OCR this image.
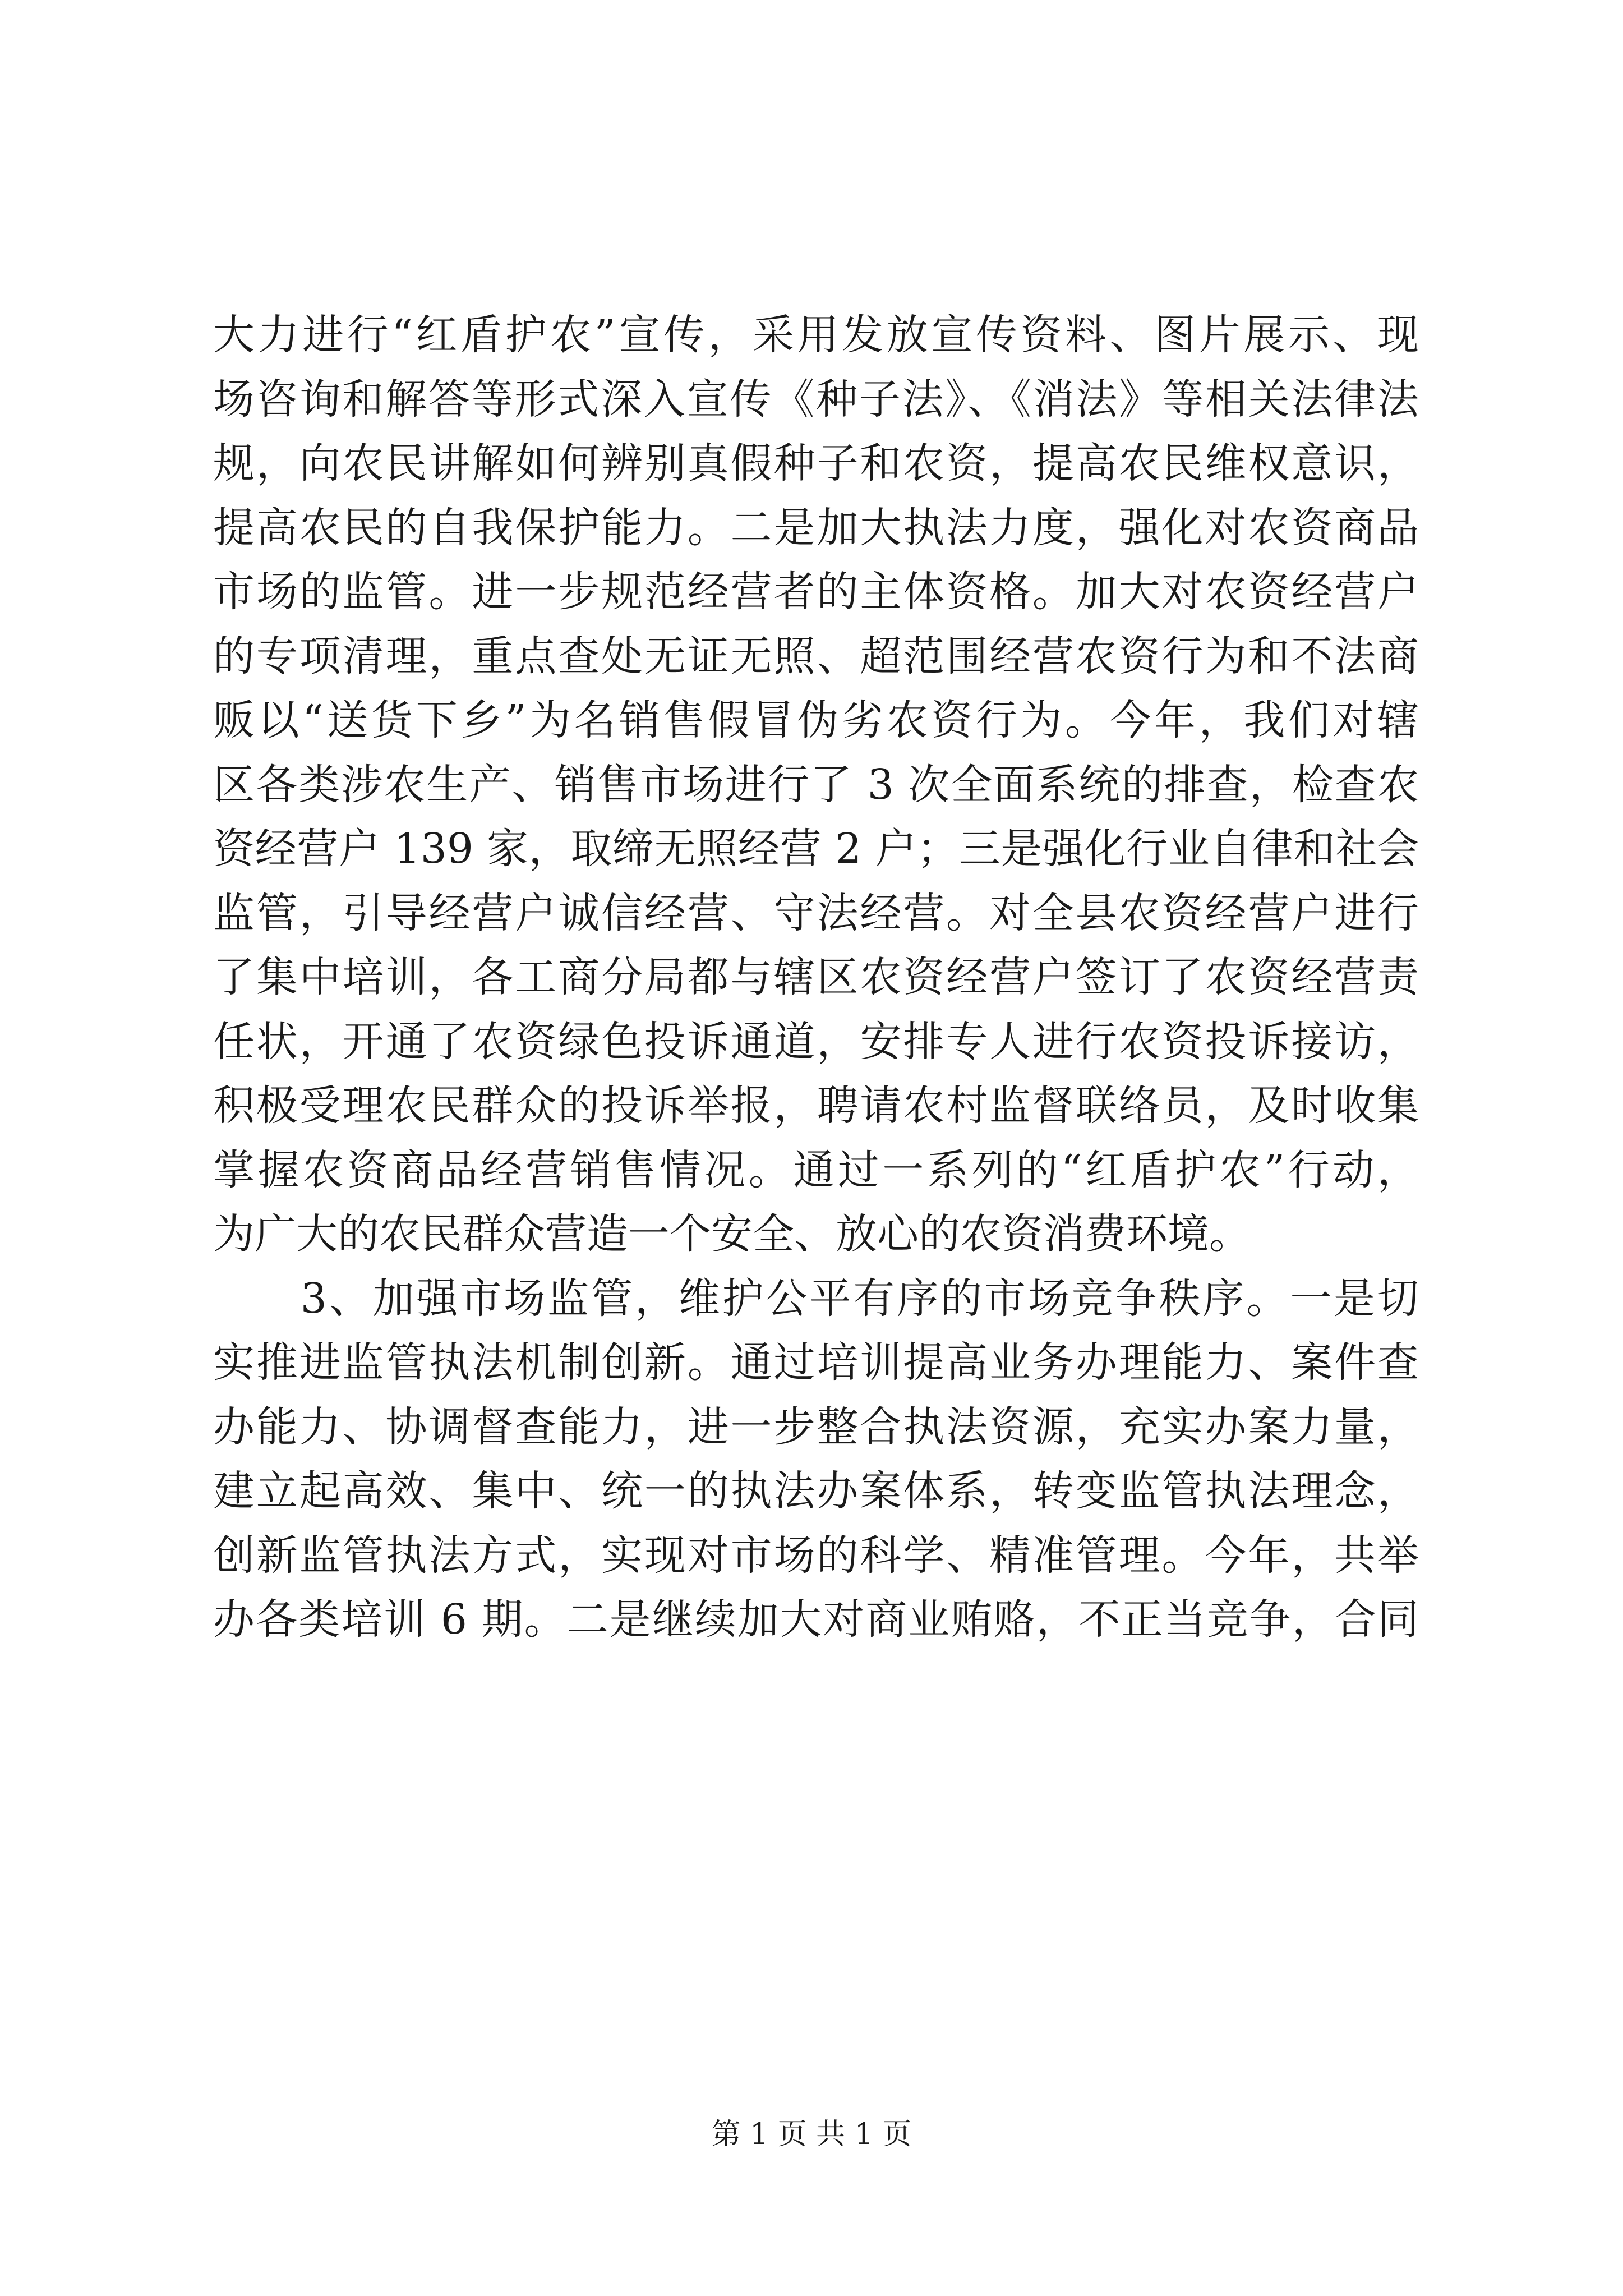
大力进行“红盾护农”宣传，采用发放宣传资料、图片展示、现
场咨询和解答等形式深入宣传《种子法》、《消法》等相关法律法
规，向农民讲解如何辨别真假种子和农资，提高农民维权意识，
提高农民的自我保护能力。二是加大执法力度，强化对农资商品
市场的监管。进一步规范经营者的主体资格。加大对农资经营户
的专项清理，重点查处无证无照、超范围经营农资行为和不法商
贩以“送货下乡”为名销售假冒伪劣农资行为。今年，我们对辖
区各类涉农生产、销售市场进行了 3 次全面系统的排查，检查农
资经营户 139 家，取缔无照经营 2 户；三是强化行业自律和社会
监管，引导经营户诚信经营、守法经营。对全县农资经营户进行
了集中培训，各工商分局都与辖区农资经营户签订了农资经营责
任状，开通了农资绿色投诉通道，安排专人进行农资投诉接访，
积极受理农民群众的投诉举报，聘请农村监督联络员，及时收集
掌握农资商品经营销售情况。通过一系列的“红盾护农”行动，
为广大的农民群众营造一个安全、放心的农资消费环境。
　　3、加强市场监管，维护公平有序的市场竞争秩序。一是切
实推进监管执法机制创新。通过培训提高业务办理能力、案件查
办能力、协调督查能力，进一步整合执法资源，充实办案力量，
建立起高效、集中、统一的执法办案体系，转变监管执法理念，
创新监管执法方式，实现对市场的科学、精准管理。今年，共举
办各类培训 6 期。二是继续加大对商业贿赂，不正当竞争，合同
第 1 页 共 1 页
